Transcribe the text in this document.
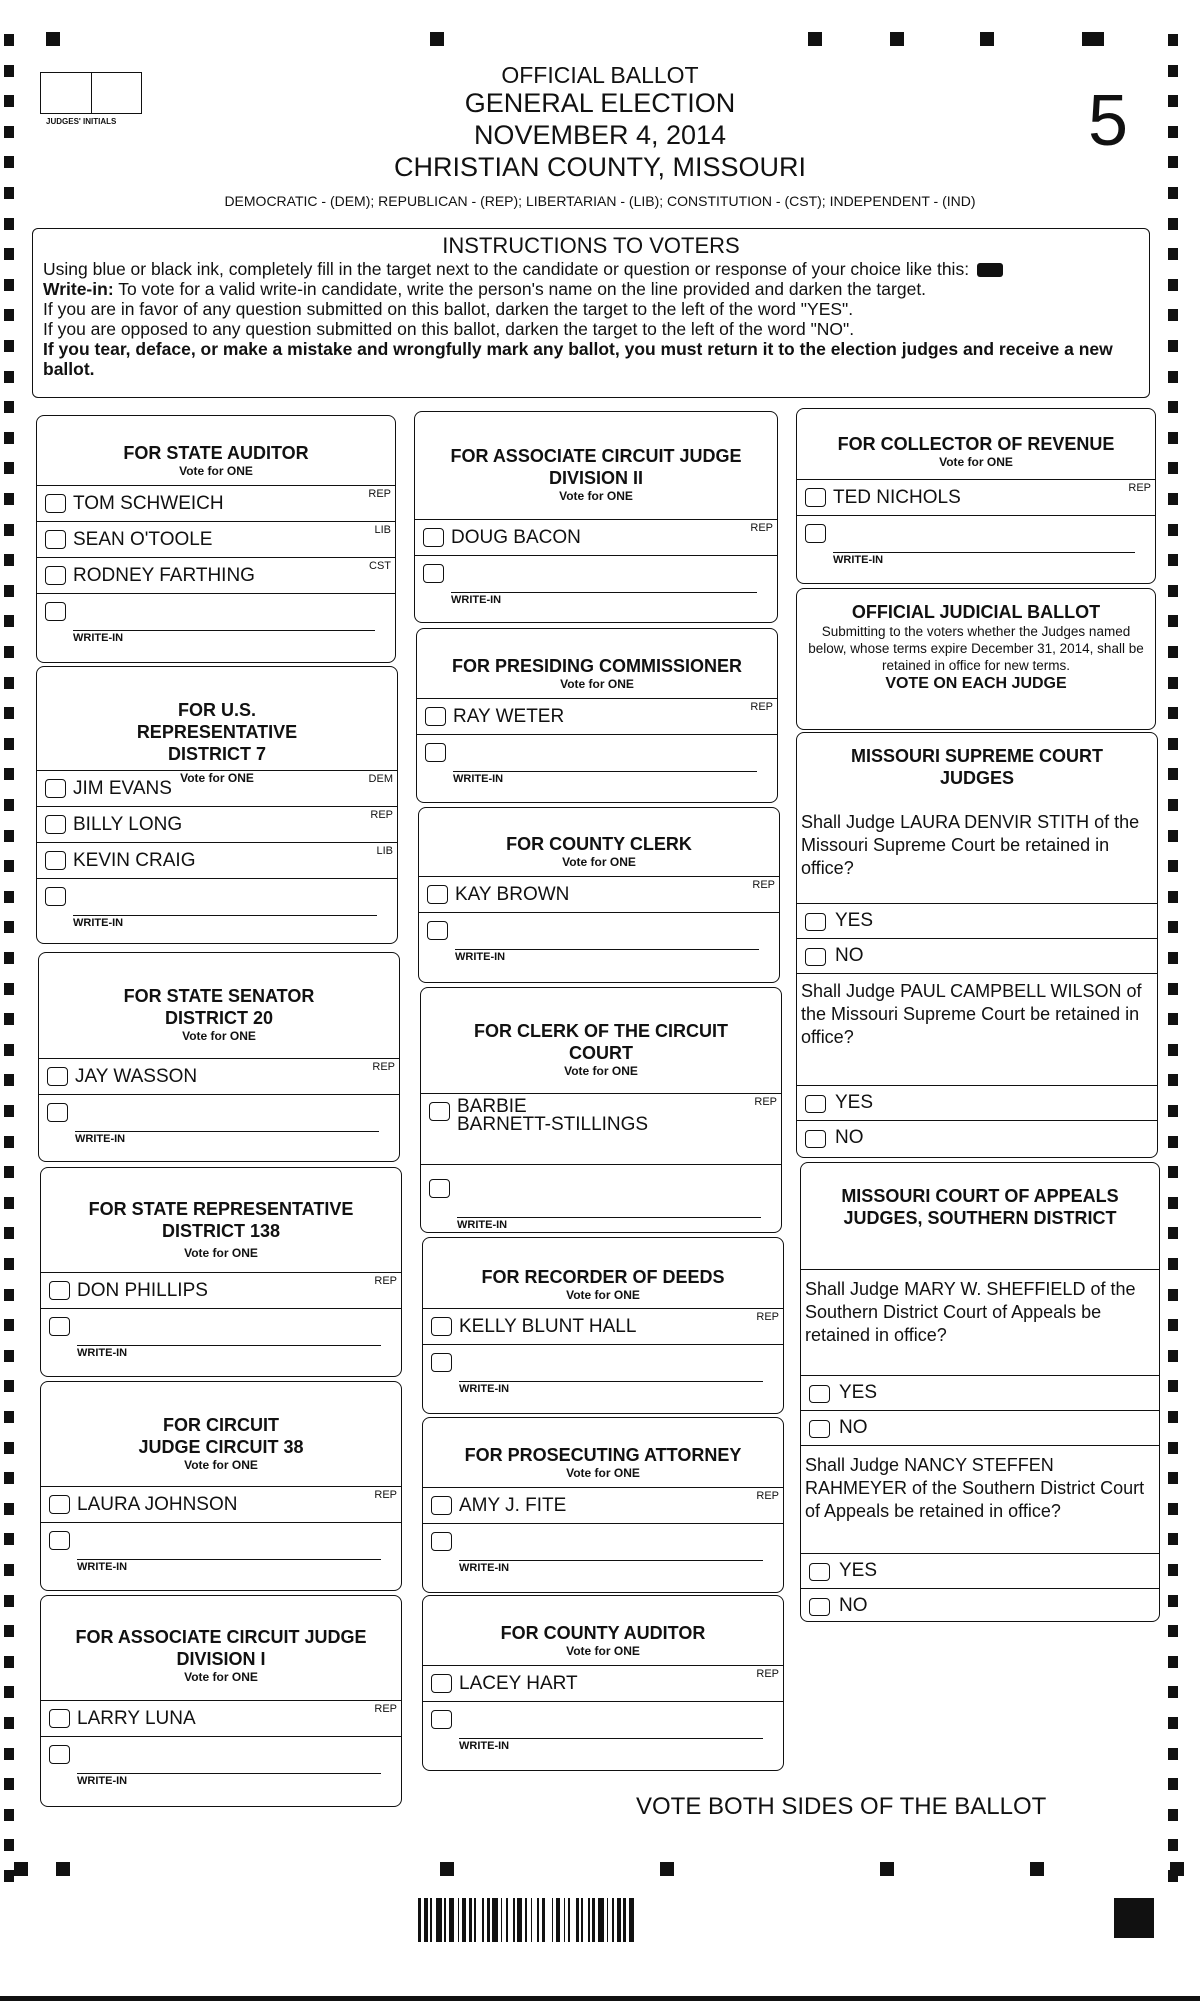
JUDGES' INITIALS
OFFICIAL BALLOT
GENERAL ELECTION
NOVEMBER 4, 2014
CHRISTIAN COUNTY, MISSOURI
5
DEMOCRATIC - (DEM); REPUBLICAN - (REP); LIBERTARIAN - (LIB); CONSTITUTION - (CST); INDEPENDENT - (IND)
INSTRUCTIONS TO VOTERS
Using blue or black ink, completely fill in the target next to the candidate or question or response of your choice like this:
Write-in: To vote for a valid write-in candidate, write the person's name on the line provided and darken the target.
If you are in favor of any question submitted on this ballot, darken the target to the left of the word "YES".
If you are opposed to any question submitted on this ballot, darken the target to the left of the word "NO".
If you tear, deface, or make a mistake and wrongfully mark any ballot, you must return it to the election judges and receive a new ballot.
FOR STATE AUDITOR
Vote for ONE
TOM SCHWEICH	REP
SEAN O'TOOLE	LIB
RODNEY FARTHING	CST
WRITE-IN
FOR U.S. REPRESENTATIVE DISTRICT 7
Vote for ONE
JIM EVANS	DEM
BILLY LONG	REP
KEVIN CRAIG	LIB
WRITE-IN
FOR STATE SENATOR DISTRICT 20
Vote for ONE
JAY WASSON	REP
WRITE-IN
FOR STATE REPRESENTATIVE DISTRICT 138
Vote for ONE
DON PHILLIPS	REP
WRITE-IN
FOR CIRCUIT JUDGE CIRCUIT 38
Vote for ONE
LAURA JOHNSON	REP
WRITE-IN
FOR ASSOCIATE CIRCUIT JUDGE DIVISION I
Vote for ONE
LARRY LUNA	REP
WRITE-IN
FOR ASSOCIATE CIRCUIT JUDGE DIVISION II
Vote for ONE
DOUG BACON	REP
WRITE-IN
FOR PRESIDING COMMISSIONER
Vote for ONE
RAY WETER	REP
WRITE-IN
FOR COUNTY CLERK
Vote for ONE
KAY BROWN	REP
WRITE-IN
FOR CLERK OF THE CIRCUIT COURT
Vote for ONE
BARBIE
BARNETT-STILLINGS
REP
WRITE-IN
FOR RECORDER OF DEEDS
Vote for ONE
KELLY BLUNT HALL	REP
WRITE-IN
FOR PROSECUTING ATTORNEY
Vote for ONE
AMY J. FITE	REP
WRITE-IN
FOR COUNTY AUDITOR
Vote for ONE
LACEY HART	REP
WRITE-IN
FOR COLLECTOR OF REVENUE
Vote for ONE
TED NICHOLS	REP
WRITE-IN
OFFICIAL JUDICIAL BALLOT
Submitting to the voters whether the Judges named below, whose terms expire December 31, 2014, shall be retained in office for new terms.
VOTE ON EACH JUDGE
MISSOURI SUPREME COURT JUDGES
Shall Judge LAURA DENVIR STITH of the Missouri Supreme Court be retained in office?
YES
NO
Shall Judge PAUL CAMPBELL WILSON of the Missouri Supreme Court be retained in office?
YES
NO
MISSOURI COURT OF APPEALS JUDGES, SOUTHERN DISTRICT
Shall Judge MARY W. SHEFFIELD of the Southern District Court of Appeals be retained in office?
YES
NO
Shall Judge NANCY STEFFEN RAHMEYER of the Southern District Court of Appeals be retained in office?
YES
NO
VOTE BOTH SIDES OF THE BALLOT
